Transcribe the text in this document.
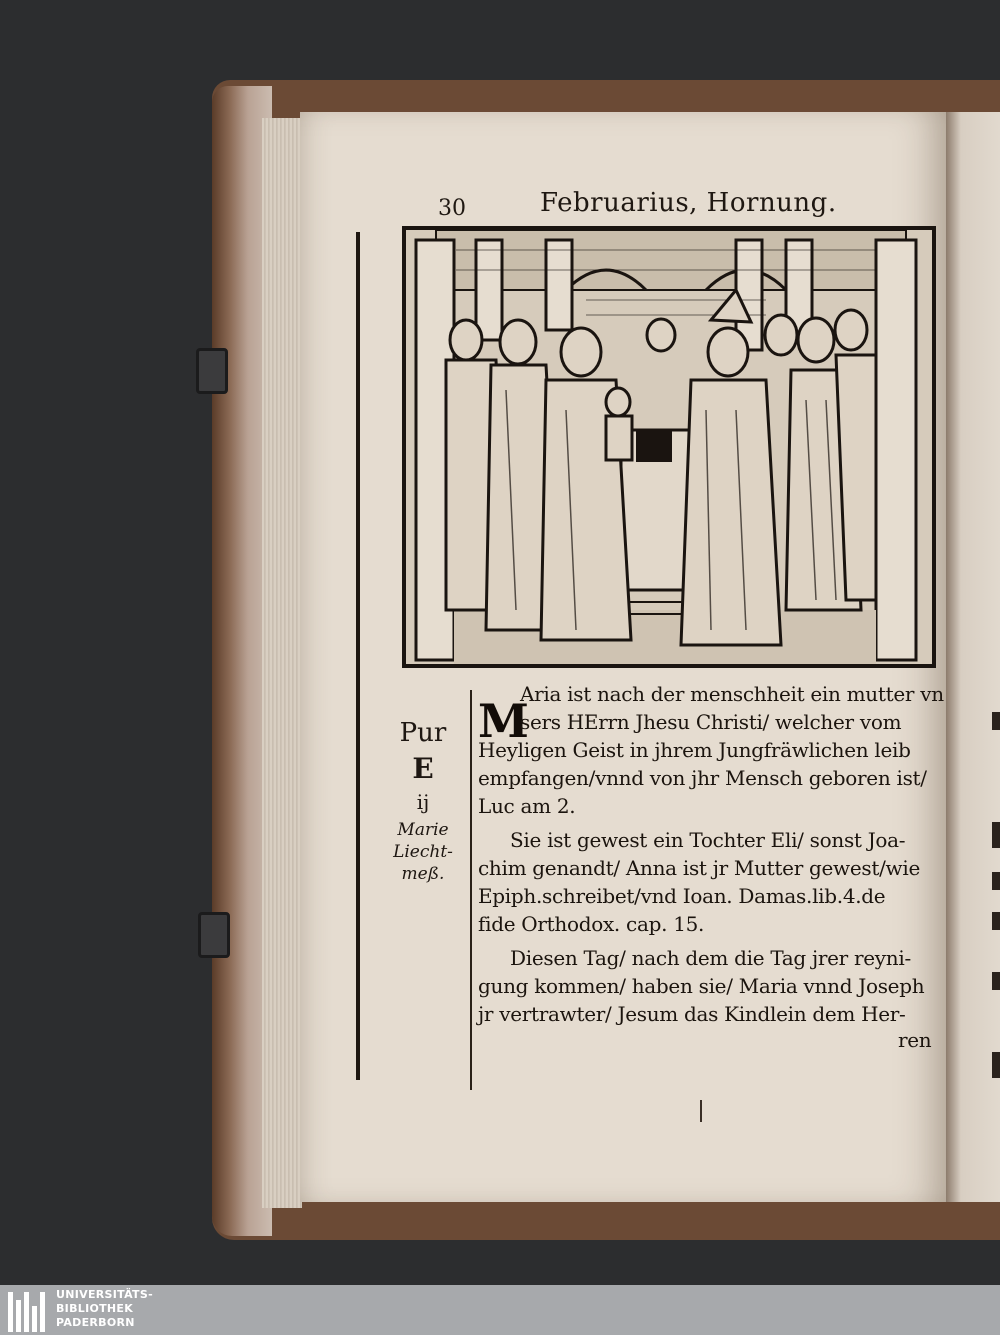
30	Februarius, Hornung.
Pur
E
ij
Marie
Liecht-
meß.
M
Aria ist nach der menschheit ein mutter vn
sers HErrn Jhesu Christi/ welcher vom
Heyligen Geist in jhrem Jungfräwlichen leib
empfangen/vnnd von jhr Mensch geboren ist/
Luc am 2.
Sie ist gewest ein Tochter Eli/ sonst Joa-
chim genandt/ Anna ist jr Mutter gewest/wie
Epiph.schreibet/vnd Ioan. Damas.lib.4.de
fide Orthodox. cap. 15.
Diesen Tag/ nach dem die Tag jrer reyni-
gung kommen/ haben sie/ Maria vnnd Joseph
jr vertrawter/ Jesum das Kindlein dem Her-
ren
UNIVERSITÄTS-
BIBLIOTHEK
PADERBORN
